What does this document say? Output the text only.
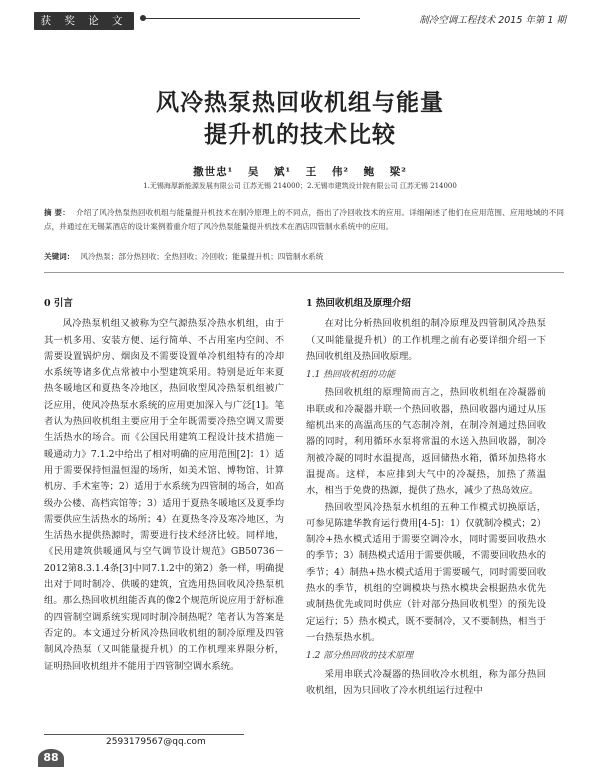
获 奖 论 文	制冷空调工程技术 2015 年第 1 期
风冷热泵热回收机组与能量
提升机的技术比较
撒世忠¹ 吴 斌¹ 王 伟² 鲍 梁²
1.无锡海厚新能源发展有限公司 江苏无锡 214000；2.无锡市建筑设计院有限公司 江苏无锡 214000
摘 要： 介绍了风冷热泵热回收机组与能量提升机技术在制冷原理上的不同点，指出了冷回收技术的应用。详细阐述了他们在应用范围、应用地域的不同点，并通过在无锡某酒店的设计案例着重介绍了风冷热泵能量提升机技术在酒店四管制水系统中的应用。
关键词： 风冷热泵；部分热回收；全热回收；冷回收；能量提升机；四管制水系统
0 引言

风冷热泵机组又被称为空气源热泵冷热水机组，由于其一机多用、安装方便、运行简单、不占用室内空间、不需要设置锅炉房、烟囱及不需要设置单冷机组特有的冷却水系统等诸多优点常被中小型建筑采用。特别是近年来夏热冬暖地区和夏热冬冷地区，热回收型风冷热泵机组被广泛应用，使风冷热泵水系统的应用更加深入与广泛[1]。笔者认为热回收机组主要应用于全年既需要冷热空调又需要生活热水的场合。而《公国民用建筑工程设计技术措施－暖通动力》7.1.2中给出了相对明确的应用范围[2]：1）适用于需要保持恒温恒湿的场所，如美术馆、博物馆、计算机房、手术室等；2）适用于水系统为四管制的场合，如高级办公楼、高档宾馆等；3）适用于夏热冬暖地区及夏季均需要供应生活热水的场所；4）在夏热冬冷及寒冷地区，为生活热水提供热源时，需要进行技术经济比较。同样地，《民用建筑供暖通风与空气调节设计规范》GB50736－2012第8.3.1.4条[3]中同7.1.2中的第2）条一样，明确提出对于同时制冷、供暖的建筑，宜选用热回收风冷热泵机组。那么热回收机组能否真的像2个规范所说应用于舒标准的四管制空调系统实现同时制冷制热呢？笔者认为答案是否定的。本文通过分析风冷热回收机组的制冷原理及四管制风冷热泵（又叫能量提升机）的工作机理来界限分析，证明热回收机组并不能用于四管制空调水系统。

1 热回收机组及原理介绍

在对比分析热回收机组的制冷原理及四管制风冷热泵（又叫能量提升机）的工作机理之前有必要详细介绍一下热回收机组及热回收原理。

1.1 热回收机组的功能

热回收机组的原理简而言之，热回收机组在冷凝器前串联或和冷凝器并联一个热回收器，热回收器内通过从压缩机出来的高温高压的气态制冷剂，在制冷剂通过热回收器的同时，利用循环水泵将常温的水送入热回收器，制冷剂被冷凝的同时水温提高，返回储热水箱，循环加热将水温提高。这样，本应排到大气中的冷凝热，加热了蒸温水，相当于免费的热源，提供了热水，减少了热岛效应。

热回收型风冷热泵水机组的五种工作模式切换原话，可参见陈建华教育运行费用[4-5]：1）仅就制冷模式；2）制冷+热水模式适用于需要空调冷水，同时需要回收热水的季节；3）制热模式适用于需要供暖，不需要回收热水的季节；4）制热+热水模式适用于需要暖气，同时需要回收热水的季节，机组的空调模块与热水模块会根据热水优先或制热优先或同时供应（针对部分热回收机型）的预先设定运行；5）热水模式，既不要制冷，又不要制热，相当于一台热泵热水机。

1.2 部分热回收的技术原理

采用串联式冷凝器的热回收冷水机组，称为部分热回收机组，因为只回收了冷水机组运行过程中

2593179567@qq.com
88
